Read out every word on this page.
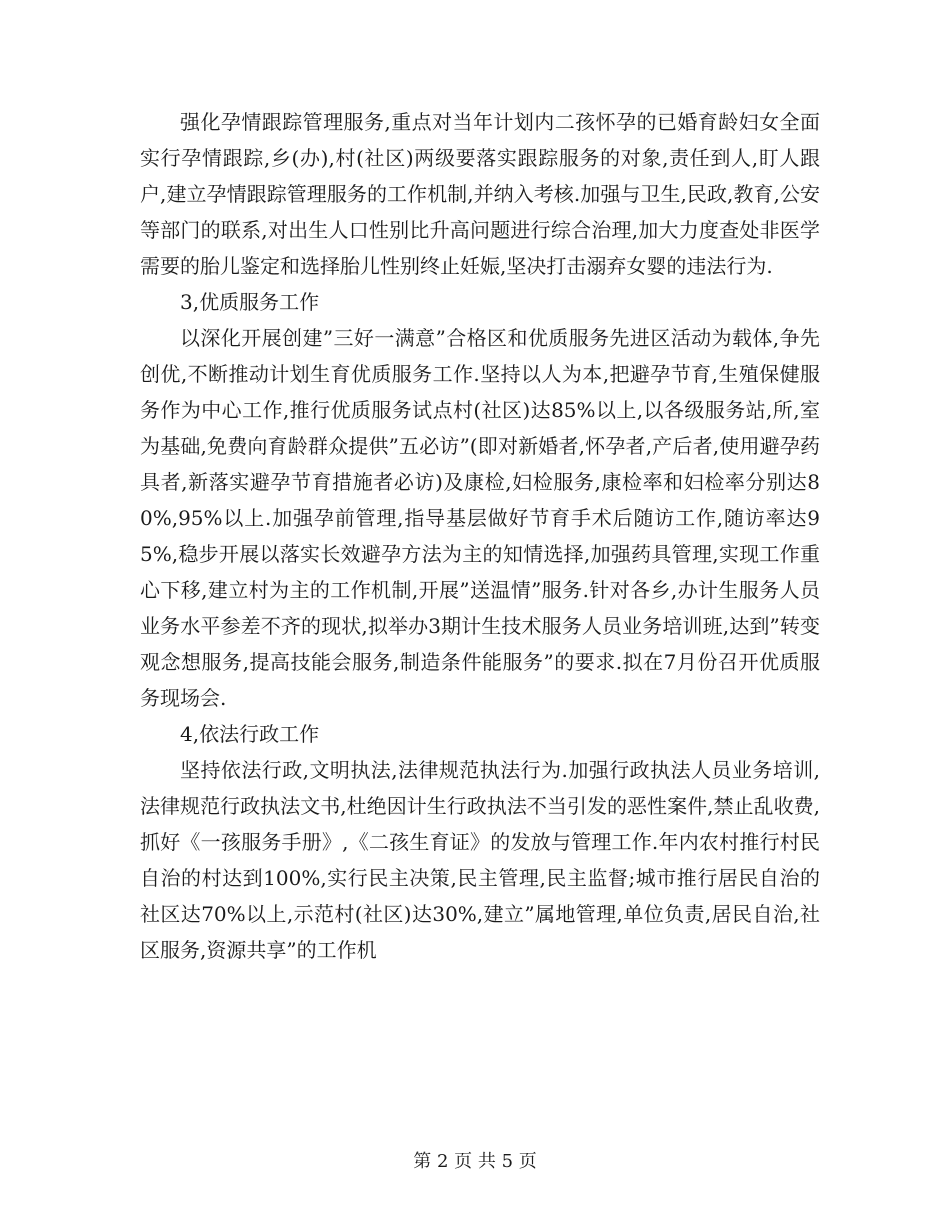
强化孕情跟踪管理服务,重点对当年计划内二孩怀孕的已婚育龄妇女全面实行孕情跟踪,乡(办),村(社区)两级要落实跟踪服务的对象,责任到人,盯人跟户,建立孕情跟踪管理服务的工作机制,并纳入考核.加强与卫生,民政,教育,公安等部门的联系,对出生人口性别比升高问题进行综合治理,加大力度查处非医学需要的胎儿鉴定和选择胎儿性别终止妊娠,坚决打击溺弃女婴的违法行为.

3,优质服务工作

以深化开展创建”三好一满意”合格区和优质服务先进区活动为载体,争先创优,不断推动计划生育优质服务工作.坚持以人为本,把避孕节育,生殖保健服务作为中心工作,推行优质服务试点村(社区)达85%以上,以各级服务站,所,室为基础,免费向育龄群众提供”五必访”(即对新婚者,怀孕者,产后者,使用避孕药具者,新落实避孕节育措施者必访)及康检,妇检服务,康检率和妇检率分别达80%,95%以上.加强孕前管理,指导基层做好节育手术后随访工作,随访率达95%,稳步开展以落实长效避孕方法为主的知情选择,加强药具管理,实现工作重心下移,建立村为主的工作机制,开展”送温情”服务.针对各乡,办计生服务人员业务水平参差不齐的现状,拟举办3期计生技术服务人员业务培训班,达到”转变观念想服务,提高技能会服务,制造条件能服务”的要求.拟在7月份召开优质服务现场会.

4,依法行政工作

坚持依法行政,文明执法,法律规范执法行为.加强行政执法人员业务培训,法律规范行政执法文书,杜绝因计生行政执法不当引发的恶性案件,禁止乱收费,抓好《一孩服务手册》,《二孩生育证》的发放与管理工作.年内农村推行村民自治的村达到100%,实行民主决策,民主管理,民主监督;城市推行居民自治的社区达70%以上,示范村(社区)达30%,建立”属地管理,单位负责,居民自治,社区服务,资源共享”的工作机

第 2 页 共 5 页
